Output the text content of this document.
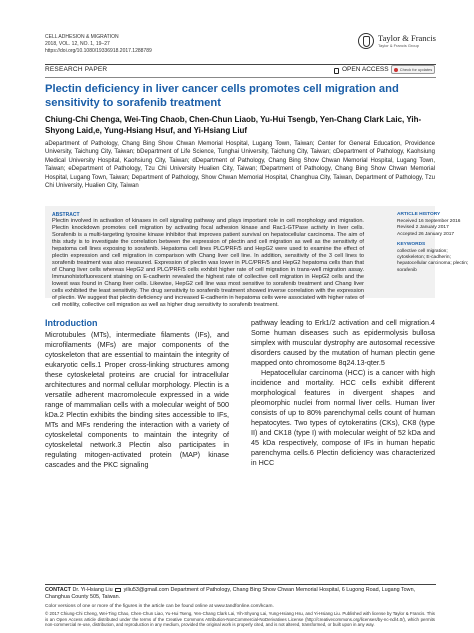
CELL ADHESION & MIGRATION
2018, VOL. 12, NO. 1, 19–27
https://doi.org/10.1080/19336918.2017.1288789
Taylor & Francis
Taylor & Francis Group
RESEARCH PAPER	OPEN ACCESS	Check for updates
Plectin deficiency in liver cancer cells promotes cell migration and sensitivity to sorafenib treatment
Chiung-Chi Chenga, Wei-Ting Chaob, Chen-Chun Liaob, Yu-Hui Tsengb, Yen-Chang Clark Laic, Yih-Shyong Laid,e, Yung-Hsiang Hsuf, and Yi-Hsiang Liuf
aDepartment of Pathology, Chang Bing Show Chwan Memorial Hospital, Lugang Town, Taiwan; Center for General Education, Providence University, Taichung City, Taiwan; bDepartment of Life Science, Tunghai University, Taichung City, Taiwan; cDepartment of Pathology, Kaohsiung Medical University Hospital, Kaohsiung City, Taiwan; dDepartment of Pathology, Chang Bing Show Chwan Memorial Hospital, Lugang Town, Taiwan; eDepartment of Pathology, Tzu Chi University Hualien City, Taiwan; fDepartment of Pathology, Chang Bing Show Chwan Memorial Hospital, Lugang Town, Taiwan; Department of Pathology, Show Chwan Memorial Hospital, Changhua City, Taiwan, Department of Pathology, Tzu Chi University, Hualien City, Taiwan
ABSTRACT
Plectin involved in activation of kinases in cell signaling pathway and plays important role in cell morphology and migration. Plectin knockdown promotes cell migration by activating focal adhesion kinase and Rac1-GTPase activity in liver cells. Sorafenib is a multi-targeting tyrosine kinase inhibitor that improves patient survival on hepatocellular carcinoma. The aim of this study is to investigate the correlation between the expression of plectin and cell migration as well as the sensitivity of hepatoma cell lines exposing to sorafenib. Hepatoma cell lines PLC/PRF/5 and HepG2 were used to examine the effect of plectin expression and cell migration in comparison with Chang liver cell line. In addition, sensitivity of the 3 cell lines to sorafenib treatment was also measured. Expression of plectin was lower in PLC/PRF/5 and HepG2 hepatoma cells than that of Chang liver cells whereas HepG2 and PLC/PRF/5 cells exhibit higher rate of cell migration in trans-well migration assay. Immunohistofluorescent staining on E-cadherin revealed the highest rate of collective cell migration in HepG2 cells and the lowest was found in Chang liver cells. Likewise, HepG2 cell line was most sensitive to sorafenib treatment and Chang liver cells exhibited the least sensitivity. The drug sensitivity to sorafenib treatment showed inverse correlation with the expression of plectin. We suggest that plectin deficiency and increased E-cadherin in hepatoma cells were associated with higher rates of cell motility, collective cell migration as well as higher drug sensitivity to sorafenib treatment.
ARTICLE HISTORY
Received 16 September 2016
Revised 2 January 2017
Accepted 26 January 2017
KEYWORDS
collective cell migration; cytoskeleton; E-cadherin; hepatocellular carcinoma; plectin; sorafenib
Introduction
Microtubules (MTs), intermediate filaments (IFs), and microfilaments (MFs) are major components of the cytoskeleton that are essential to maintain the integrity of eukaryotic cells.1 Proper cross-linking structures among these cytoskeletal proteins are crucial for intracellular architectures and normal cellular morphology. Plectin is a versatile adherent macromolecule expressed in a wide range of mammalian cells with a molecular weight of 500 kDa.2 Plectin exhibits the binding sites accessible to IFs, MTs and MFs rendering the interaction with a variety of cytoskeletal components to maintain the integrity of cytoskeletal network.3 Plectin also participates in regulating mitogen-activated protein (MAP) kinase cascades and the PKC signaling

pathway leading to Erk1/2 activation and cell migration.4 Some human diseases such as epidermolysis bullosa simplex with muscular dystrophy are autosomal recessive disorders caused by the mutation of human plectin gene mapped onto chromosome 8q24.13-qter.5

Hepatocellular carcinoma (HCC) is a cancer with high incidence and mortality. HCC cells exhibit different morphological features in divergent shapes and pleomorphic nuclei from normal liver cells. Human liver consists of up to 80% parenchymal cells count of human hepatocytes. Two types of cytokeratins (CKs), CK8 (type II) and CK18 (type I) with molecular weight of 52 kDa and 45 kDa respectively, compose of IFs in human hepatic parenchyma cells.6 Plectin deficiency was characterized in HCC

CONTACT Dr. Yi-Hsiang Liu yiliu53@gmail.com Department of Pathology, Chang Bing Show Chwan Memorial Hospital, 6 Lugong Road, Lugang Town, Changhua County 505, Taiwan.
Color versions of one or more of the figures in the article can be found online at www.tandfonline.com/kcam.
© 2017 Chiung-Chi Cheng, Wei-Ting Chao, Chen-Chun Liao, Yu-Hui Tseng, Yen-Chang Clark Lai, Yih-Shyong Lai, Yung-Hsiang Hsu, and Yi-Hsiang Liu. Published with license by Taylor & Francis. This is an Open Access article distributed under the terms of the Creative Commons Attribution-NonCommercial-NoDerivatives License (http://creativecommons.org/licenses/by-nc-nd/4.0/), which permits non-commercial re-use, distribution, and reproduction in any medium, provided the original work is properly cited, and is not altered, transformed, or built upon in any way.
